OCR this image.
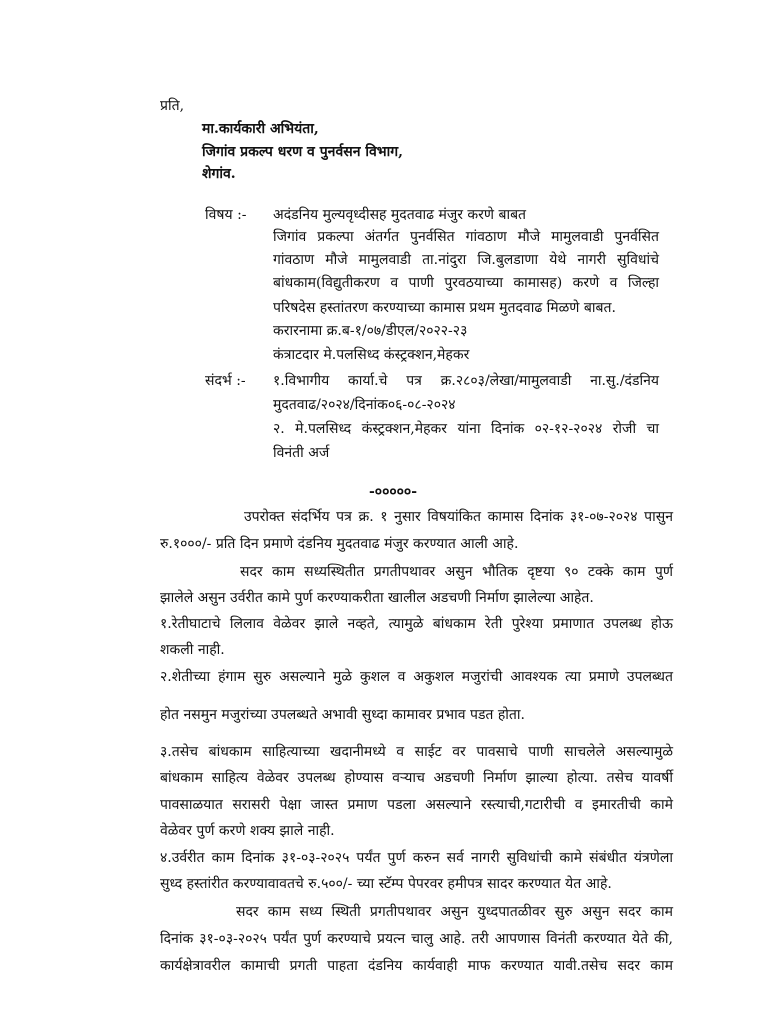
प्रति,
मा.कार्यकारी अभियंता,
जिगांव प्रकल्प धरण व पुनर्वसन विभाग,
शेगांव.
विषय :- अदंडनिय मुल्यवृध्दीसह मुदतवाढ मंजुर करणे बाबत
जिगांव प्रकल्पा अंतर्गत पुनर्वसित गांवठाण मौजे मामुलवाडी पुनर्वसित
गांवठाण मौजे मामुलवाडी ता.नांदुरा जि.बुलडाणा येथे नागरी सुविधांचे
बांधकाम(विद्युतीकरण व पाणी पुरवठयाच्या कामासह) करणे व जिल्हा
परिषदेस हस्तांतरण करण्याच्या कामास प्रथम मुतदवाढ मिळणे बाबत.
करारनामा क्र.ब-१/०७/डीएल/२०२२-२३
कंत्राटदार मे.पलसिध्द कंस्ट्रक्शन,मेहकर
संदर्भ :- १.विभागीय कार्या.चे पत्र क्र.२८०३/लेखा/मामुलवाडी ना.सु./दंडनिय
मुदतवाढ/२०२४/दिनांक०६-०८-२०२४
२. मे.पलसिध्द कंस्ट्रक्शन,मेहकर यांना दिनांक ०२-१२-२०२४ रोजी चा
विनंती अर्ज
-०००००-
उपरोक्त संदर्भिय पत्र क्र. १ नुसार विषयांकित कामास दिनांक ३१-०७-२०२४ पासुन
रु.१०००/- प्रति दिन प्रमाणे दंडनिय मुदतवाढ मंजुर करण्यात आली आहे.
सदर काम सध्यस्थितीत प्रगतीपथावर असुन भौतिक दृष्टया ९० टक्के काम पुर्ण
झालेले असुन उर्वरीत कामे पुर्ण करण्याकरीता खालील अडचणी निर्माण झालेल्या आहेत.
१.रेतीघाटाचे लिलाव वेळेवर झाले नव्हते, त्यामुळे बांधकाम रेती पुरेश्या प्रमाणात उपलब्ध होऊ
शकली नाही.
२.शेतीच्या हंगाम सुरु असल्याने मुळे कुशल व अकुशल मजुरांची आवश्यक त्या प्रमाणे उपलब्धत
होत नसमुन मजुरांच्या उपलब्धते अभावी सुध्दा कामावर प्रभाव पडत होता.
३.तसेच बांधकाम साहित्याच्या खदानीमध्ये व साईट वर पावसाचे पाणी साचलेले असल्यामुळे
बांधकाम साहित्य वेळेवर उपलब्ध होण्यास वऱ्याच अडचणी निर्माण झाल्या होत्या. तसेच यावर्षी
पावसाळयात सरासरी पेक्षा जास्त प्रमाण पडला असल्याने रस्त्याची,गटारीची व इमारतीची कामे
वेळेवर पुर्ण करणे शक्य झाले नाही.
४.उर्वरीत काम दिनांक ३१-०३-२०२५ पर्यंत पुर्ण करुन सर्व नागरी सुविधांची कामे संबंधीत यंत्रणेला
सुध्द हस्तांरीत करण्यावावतचे रु.५००/- च्या स्टॅम्प पेपरवर हमीपत्र सादर करण्यात येत आहे.
सदर काम सध्य स्थिती प्रगतीपथावर असुन युध्दपातळीवर सुरु असुन सदर काम
दिनांक ३१-०३-२०२५ पर्यंत पुर्ण करण्याचे प्रयत्न चालु आहे. तरी आपणास विनंती करण्यात येते की,
कार्यक्षेत्रावरील कामाची प्रगती पाहता दंडनिय कार्यवाही माफ करण्यात यावी.तसेच सदर काम
